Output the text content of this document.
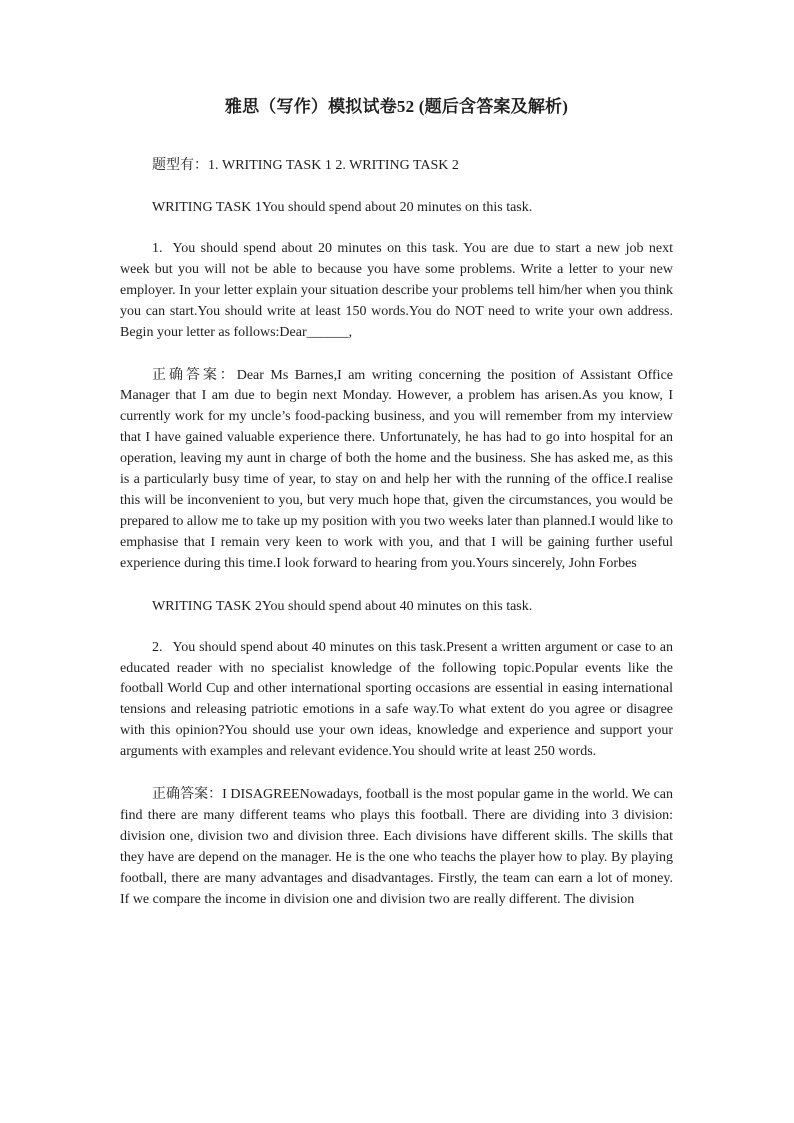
雅思（写作）模拟试卷52 (题后含答案及解析)

题型有：1. WRITING TASK 1 2. WRITING TASK 2

WRITING TASK 1You should spend about 20 minutes on this task.

1. You should spend about 20 minutes on this task. You are due to start a new job next week but you will not be able to because you have some problems. Write a letter to your new employer. In your letter explain your situation describe your problems tell him/her when you think you can start.You should write at least 150 words.You do NOT need to write your own address. Begin your letter as follows:Dear______,

正确答案：Dear Ms Barnes,I am writing concerning the position of Assistant Office Manager that I am due to begin next Monday. However, a problem has arisen.As you know, I currently work for my uncle’s food-packing business, and you will remember from my interview that I have gained valuable experience there. Unfortunately, he has had to go into hospital for an operation, leaving my aunt in charge of both the home and the business. She has asked me, as this is a particularly busy time of year, to stay on and help her with the running of the office.I realise this will be inconvenient to you, but very much hope that, given the circumstances, you would be prepared to allow me to take up my position with you two weeks later than planned.I would like to emphasise that I remain very keen to work with you, and that I will be gaining further useful experience during this time.I look forward to hearing from you.Yours sincerely, John Forbes

WRITING TASK 2You should spend about 40 minutes on this task.

2. You should spend about 40 minutes on this task.Present a written argument or case to an educated reader with no specialist knowledge of the following topic.Popular events like the football World Cup and other international sporting occasions are essential in easing international tensions and releasing patriotic emotions in a safe way.To what extent do you agree or disagree with this opinion?You should use your own ideas, knowledge and experience and support your arguments with examples and relevant evidence.You should write at least 250 words.

正确答案：I DISAGREENowadays, football is the most popular game in the world. We can find there are many different teams who plays this football. There are dividing into 3 division: division one, division two and division three. Each divisions have different skills. The skills that they have are depend on the manager. He is the one who teachs the player how to play. By playing football, there are many advantages and disadvantages. Firstly, the team can earn a lot of money. If we compare the income in division one and division two are really different. The division
